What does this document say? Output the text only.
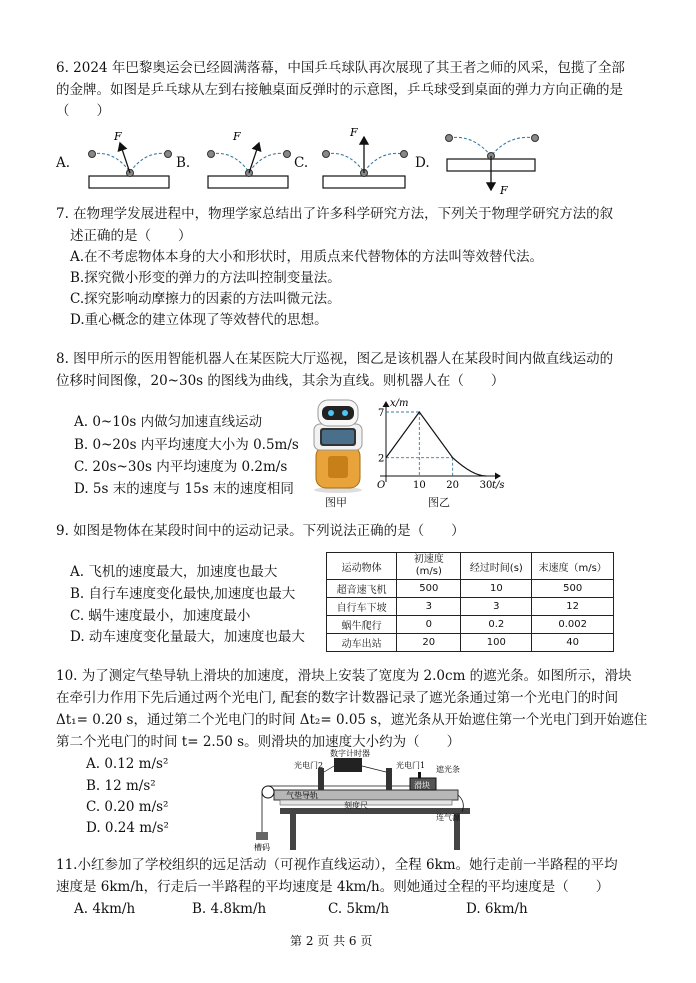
6. 2024 年巴黎奥运会已经圆满落幕，中国乒乓球队再次展现了其王者之师的风采，包揽了全部
的金牌。如图是乒乓球从左到右接触桌面反弹时的示意图，乒乓球受到桌面的弹力方向正确的是
（　　）
A.	B.	C.	D.
F	F	F
F
7. 在物理学发展进程中，物理学家总结出了许多科学研究方法，下列关于物理学研究方法的叙
述正确的是（　　）
A.在不考虑物体本身的大小和形状时，用质点来代替物体的方法叫等效替代法。
B.探究微小形变的弹力的方法叫控制变量法。
C.探究影响动摩擦力的因素的方法叫微元法。
D.重心概念的建立体现了等效替代的思想。
8. 图甲所示的医用智能机器人在某医院大厅巡视，图乙是该机器人在某段时间内做直线运动的
位移时间图像，20~30s 的图线为曲线，其余为直线。则机器人在（　　）
A. 0~10s 内做匀加速直线运动
B. 0~20s 内平均速度大小为 0.5m/s
C. 20s~30s 内平均速度为 0.2m/s
D. 5s 末的速度与 15s 末的速度相同
图甲
x/m
t/s
O
7
2
10 20 30
图乙
9. 如图是物体在某段时间中的运动记录。下列说法正确的是（　　）
A. 飞机的速度最大，加速度也最大
B. 自行车速度变化最快,加速度也最大
C. 蜗牛速度最小，加速度最小
D. 动车速度变化量最大，加速度也最大
运动物体	初速度
(m/s)	经过时间(s)	末速度（m/s）
超音速飞机	500	10	500
自行车下坡	3	3	12
蜗牛爬行	0	0.2	0.002
动车出站	20	100	40
10. 为了测定气垫导轨上滑块的加速度，滑块上安装了宽度为 2.0cm 的遮光条。如图所示，滑块
在牵引力作用下先后通过两个光电门, 配套的数字计数器记录了遮光条通过第一个光电门的时间
Δt₁= 0.20 s，通过第二个光电门的时间 Δt₂= 0.05 s，遮光条从开始遮住第一个光电门到开始遮住
第二个光电门的时间 t= 2.50 s。则滑块的加速度大小约为（　　）
A. 0.12 m/s²
B. 12 m/s²
C. 0.20 m/s²
D. 0.24 m/s²
数字计时器
光电门2	光电门1 遮光条
气垫导轨
滑块
刻度尺
连气源
槽码
11.小红参加了学校组织的远足活动（可视作直线运动），全程 6km。她行走前一半路程的平均
速度是 6km/h，行走后一半路程的平均速度是 4km/h。则她通过全程的平均速度是（　　）
A. 4km/h	B. 4.8km/h	C. 5km/h	D. 6km/h
第 2 页 共 6 页
